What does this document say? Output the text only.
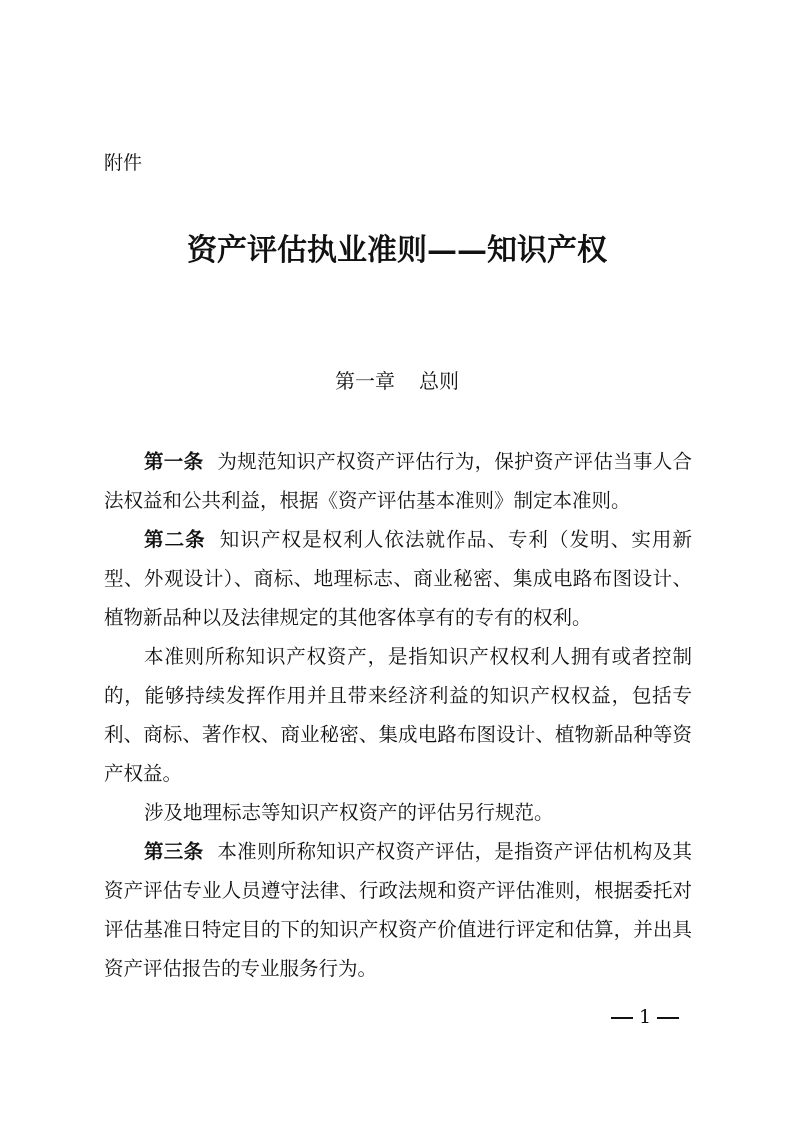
附件
资产评估执业准则——知识产权
第一章 总则

第一条 为规范知识产权资产评估行为，保护资产评估当事人合法权益和公共利益，根据《资产评估基本准则》制定本准则。

第二条 知识产权是权利人依法就作品、专利（发明、实用新型、外观设计）、商标、地理标志、商业秘密、集成电路布图设计、植物新品种以及法律规定的其他客体享有的专有的权利。

本准则所称知识产权资产，是指知识产权权利人拥有或者控制的，能够持续发挥作用并且带来经济利益的知识产权权益，包括专利、商标、著作权、商业秘密、集成电路布图设计、植物新品种等资产权益。

涉及地理标志等知识产权资产的评估另行规范。

第三条 本准则所称知识产权资产评估，是指资产评估机构及其资产评估专业人员遵守法律、行政法规和资产评估准则，根据委托对评估基准日特定目的下的知识产权资产价值进行评定和估算，并出具资产评估报告的专业服务行为。

1
